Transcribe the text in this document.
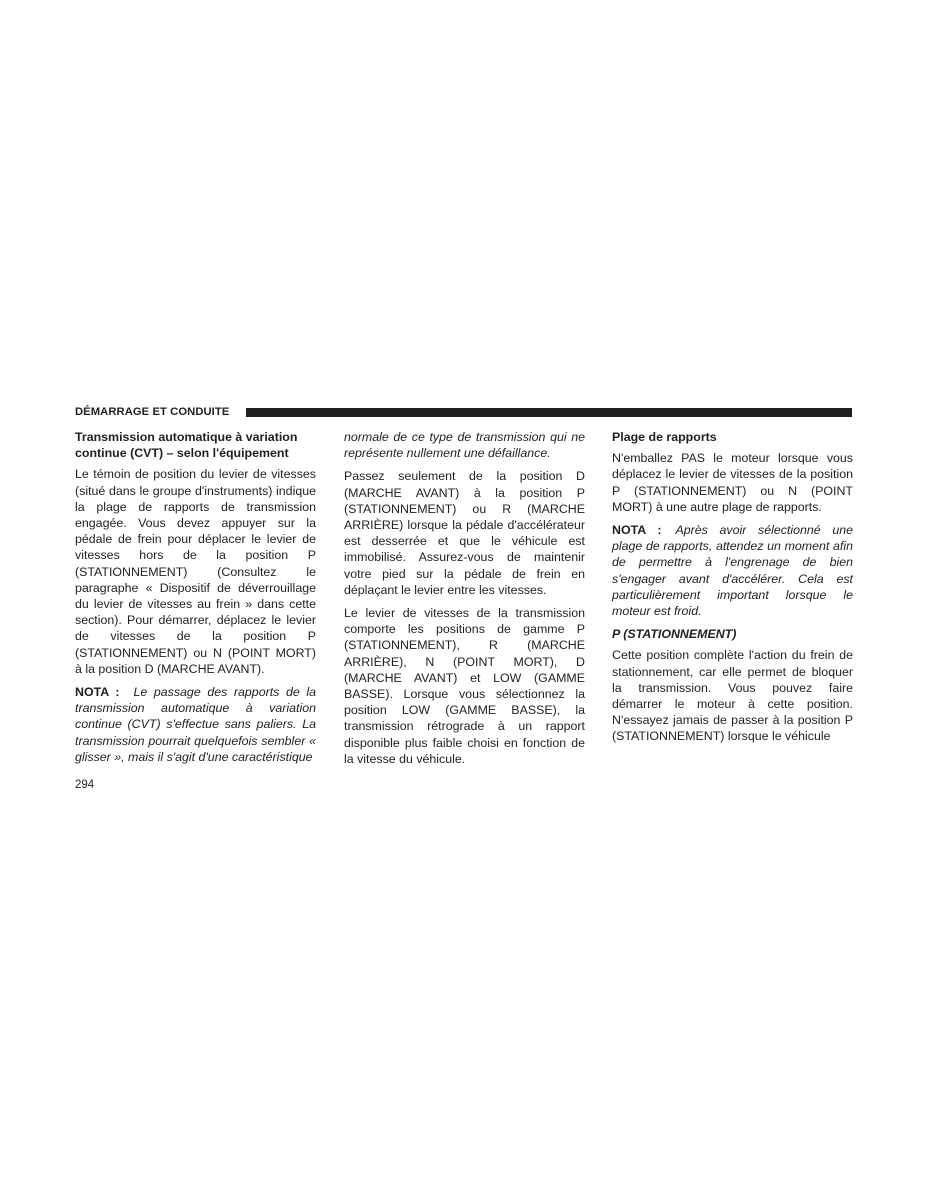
DÉMARRAGE ET CONDUITE
Transmission automatique à variation continue (CVT) – selon l'équipement

Le témoin de position du levier de vitesses (situé dans le groupe d'instruments) indique la plage de rapports de transmission engagée. Vous devez appuyer sur la pédale de frein pour déplacer le levier de vitesses hors de la position P (STATIONNEMENT) (Consultez le paragraphe « Dispositif de déverrouillage du levier de vitesses au frein » dans cette section). Pour démarrer, déplacez le levier de vitesses de la position P (STATIONNEMENT) ou N (POINT MORT) à la position D (MARCHE AVANT).

NOTA : Le passage des rapports de la transmission automatique à variation continue (CVT) s'effectue sans paliers. La transmission pourrait quelquefois sembler « glisser », mais il s'agit d'une caractéristique

normale de ce type de transmission qui ne représente nullement une défaillance.

Passez seulement de la position D (MARCHE AVANT) à la position P (STATIONNEMENT) ou R (MARCHE ARRIÈRE) lorsque la pédale d'accélérateur est desserrée et que le véhicule est immobilisé. Assurez-vous de maintenir votre pied sur la pédale de frein en déplaçant le levier entre les vitesses.

Le levier de vitesses de la transmission comporte les positions de gamme P (STATIONNEMENT), R (MARCHE ARRIÈRE), N (POINT MORT), D (MARCHE AVANT) et LOW (GAMME BASSE). Lorsque vous sélectionnez la position LOW (GAMME BASSE), la transmission rétrograde à un rapport disponible plus faible choisi en fonction de la vitesse du véhicule.

Plage de rapports

N'emballez PAS le moteur lorsque vous déplacez le levier de vitesses de la position P (STATIONNEMENT) ou N (POINT MORT) à une autre plage de rapports.

NOTA : Après avoir sélectionné une plage de rapports, attendez un moment afin de permettre à l'engrenage de bien s'engager avant d'accélérer. Cela est particulièrement important lorsque le moteur est froid.

P (STATIONNEMENT)

Cette position complète l'action du frein de stationnement, car elle permet de bloquer la transmission. Vous pouvez faire démarrer le moteur à cette position. N'essayez jamais de passer à la position P (STATIONNEMENT) lorsque le véhicule

294
